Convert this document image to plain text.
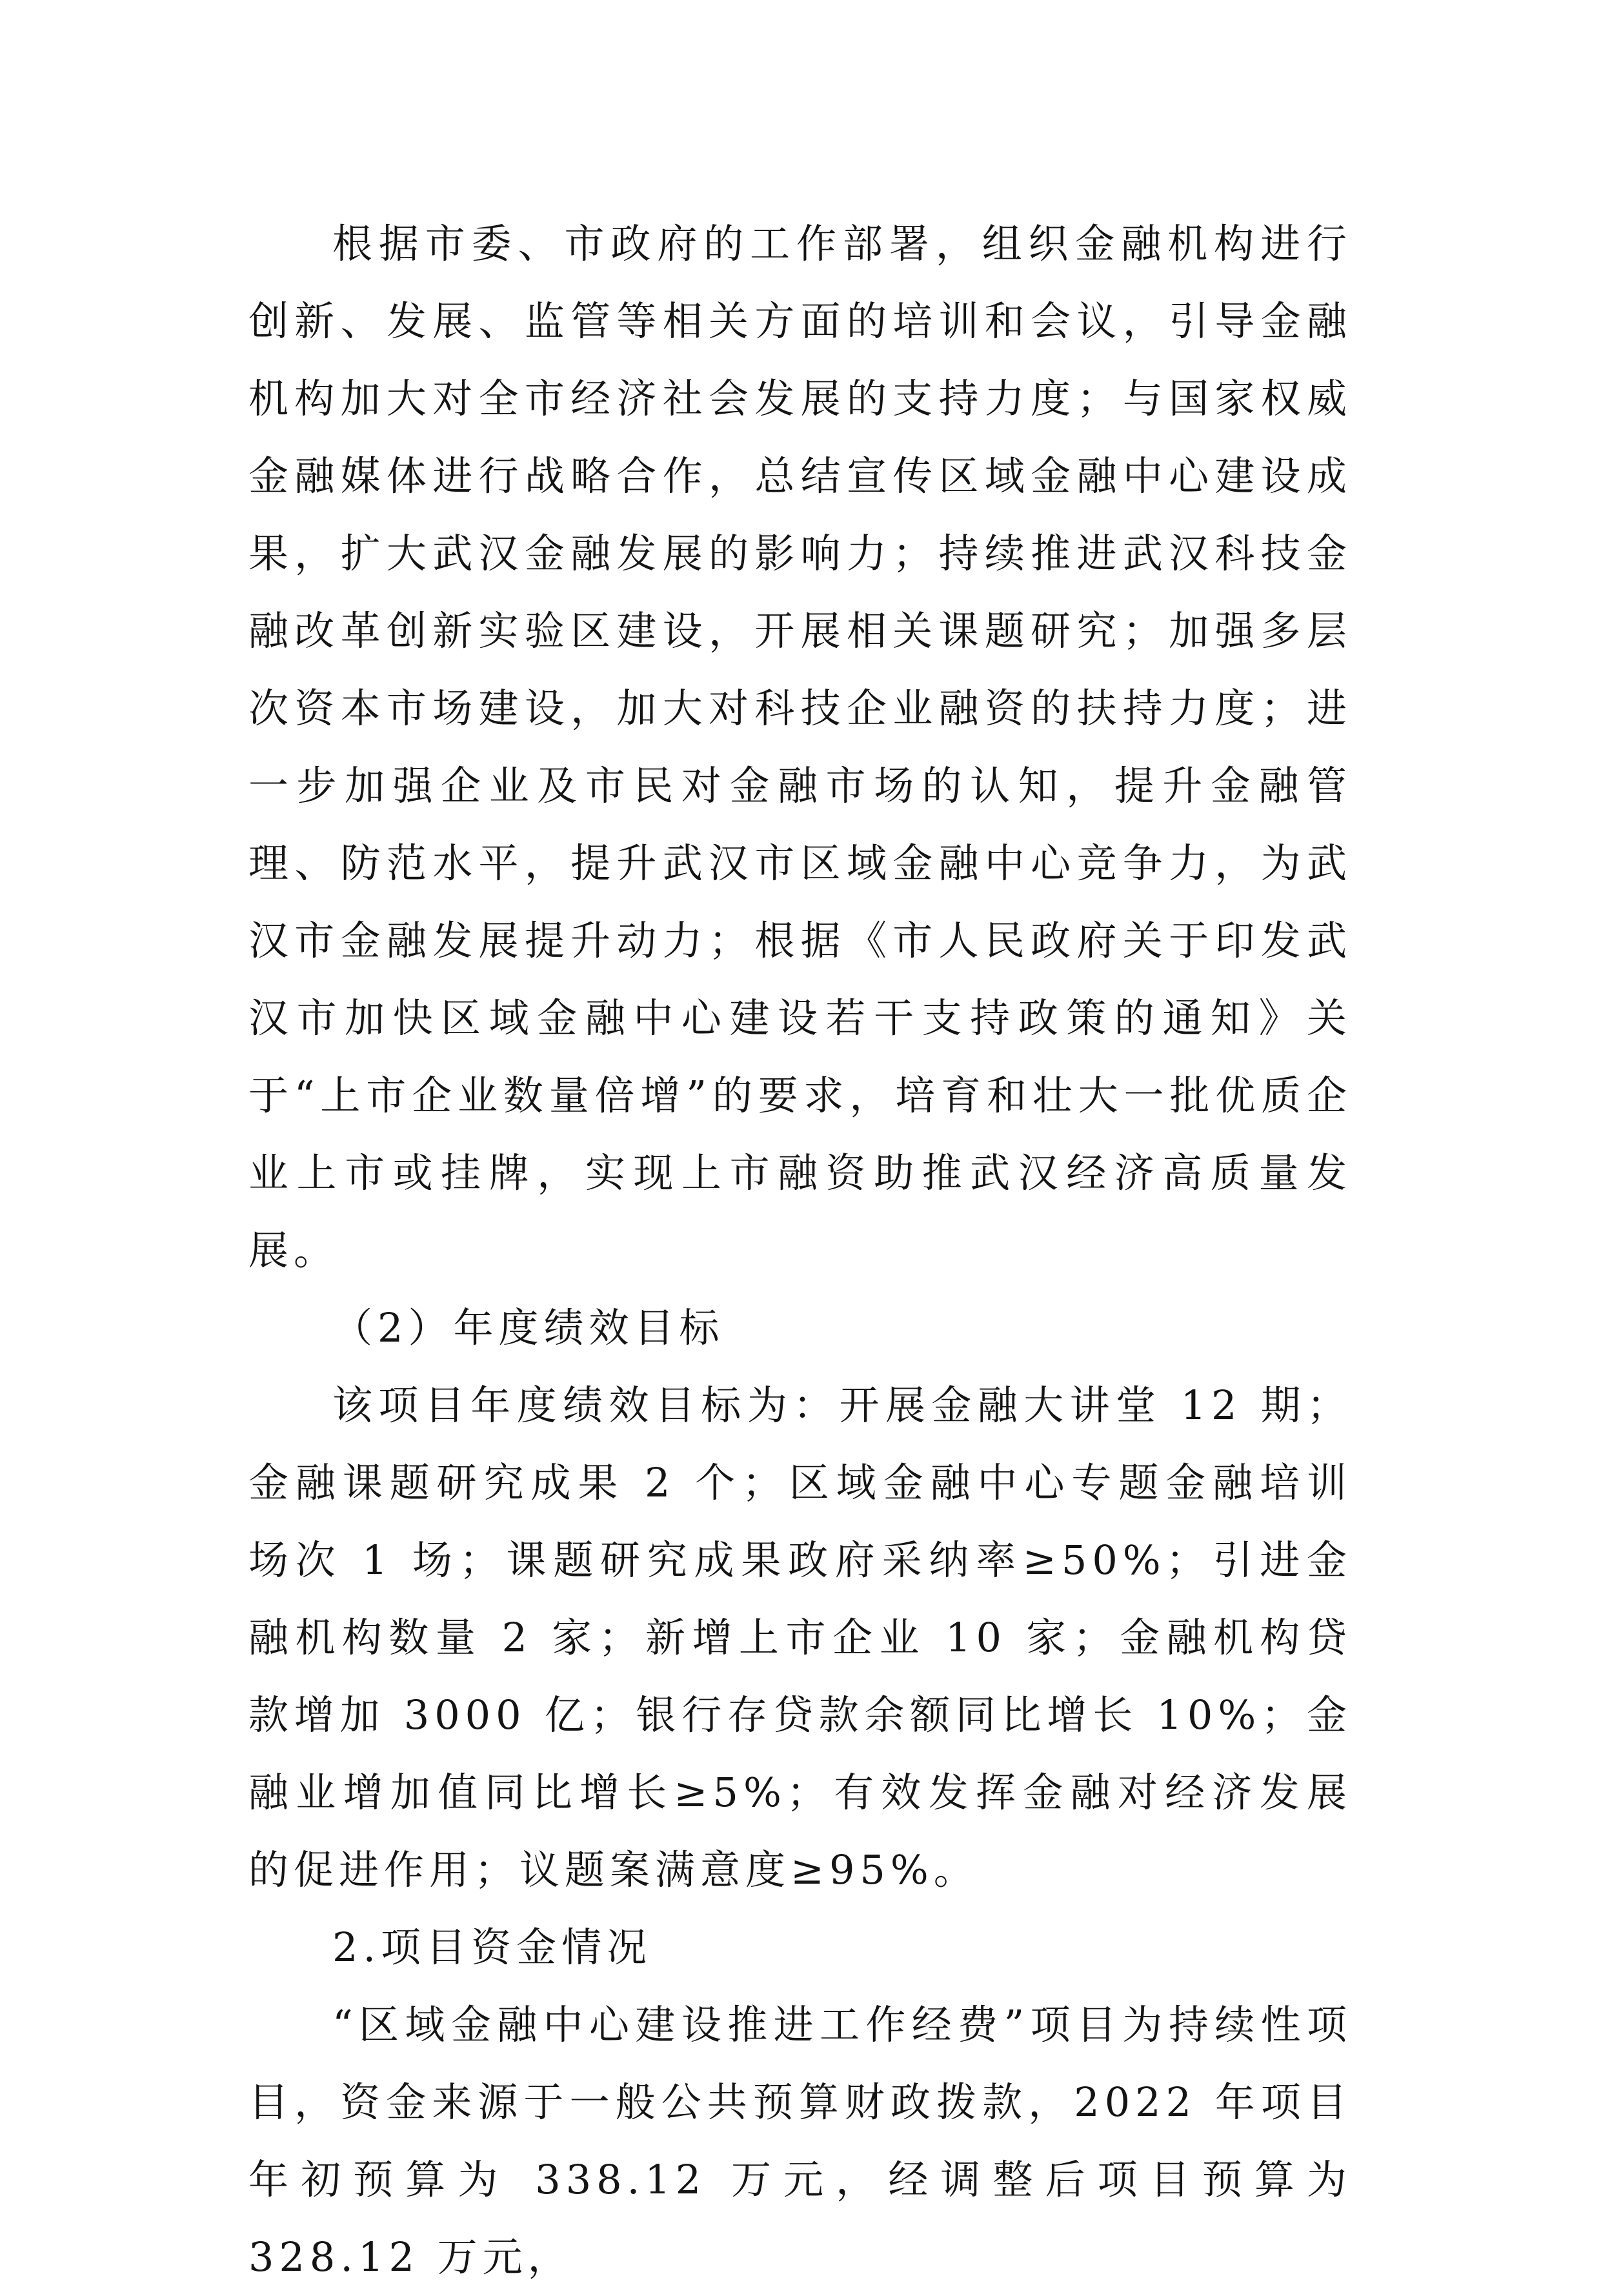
根据市委、市政府的工作部署，组织金融机构进行创新、发展、监管等相关方面的培训和会议，引导金融机构加大对全市经济社会发展的支持力度；与国家权威金融媒体进行战略合作，总结宣传区域金融中心建设成果，扩大武汉金融发展的影响力；持续推进武汉科技金融改革创新实验区建设，开展相关课题研究；加强多层次资本市场建设，加大对科技企业融资的扶持力度；进一步加强企业及市民对金融市场的认知，提升金融管理、防范水平，提升武汉市区域金融中心竞争力，为武汉市金融发展提升动力；根据《市人民政府关于印发武汉市加快区域金融中心建设若干支持政策的通知》关于“上市企业数量倍增”的要求，培育和壮大一批优质企业上市或挂牌，实现上市融资助推武汉经济高质量发展。

（2）年度绩效目标

该项目年度绩效目标为：开展金融大讲堂 12 期；金融课题研究成果 2 个；区域金融中心专题金融培训场次 1 场；课题研究成果政府采纳率≥50%；引进金融机构数量 2 家；新增上市企业 10 家；金融机构贷款增加 3000 亿；银行存贷款余额同比增长 10%；金融业增加值同比增长≥5%；有效发挥金融对经济发展的促进作用；议题案满意度≥95%。

2.项目资金情况

“区域金融中心建设推进工作经费”项目为持续性项目，资金来源于一般公共预算财政拨款，2022 年项目年初预算为 338.12 万元，经调整后项目预算为 328.12 万元，
